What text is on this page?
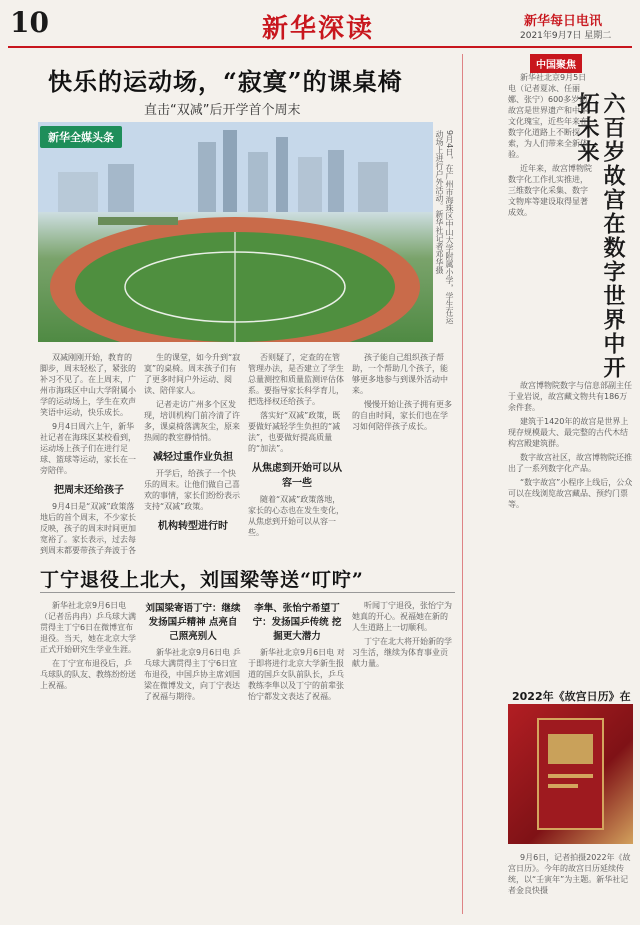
10	新华深读	新华每日电讯
2021年9月7日 星期二
快乐的运动场，“寂寞”的课桌椅
直击“双减”后开学首个周末
新华全媒头条	9月4日，在广州市海珠区中山大学附属小学，学生在运动场上进行户外活动。新华社记者邓华摄

双减刚刚开始，教育的脚步，周末轻松了，紧张的补习不见了。在上周末，广州市海珠区中山大学附属小学的运动场上，学生在欢声笑语中运动，快乐成长。

9月4日周六上午，新华社记者在海珠区某校看到，运动场上孩子们在进行足球、篮球等运动，家长在一旁陪伴。

把周末还给孩子

9月4日是“双减”政策落地后的首个周末，不少家长反映，孩子的周末时间更加宽裕了。家长表示，过去每到周末都要带孩子奔波于各

生的课堂，如今升到“寂寞”的桌椅。周末孩子们有了更多时间户外运动、阅读、陪伴家人。

记者走访广州多个区发现，培训机构门前冷清了许多，课桌椅落满灰尘，原来热闹的教室静悄悄。

减轻过重作业负担

开学后，给孩子一个快乐的周末。让他们做自己喜欢的事情，家长们纷纷表示支持“双减”政策。

机构转型进行时

否则疑了，定查的在管管理办法，是否建立了学生总量测控和质量监测评估体系。要指导家长科学育儿，把选择权还给孩子。

落实好“双减”政策，既要做好减轻学生负担的“减法”，也要做好提高质量的“加法”。

从焦虑到开始可以从容一些

随着“双减”政策落地，家长的心态也在发生变化，从焦虑到开始可以从容一些。

孩子能自己组织孩子帮助，一个帮助几个孩子，能够更多地参与到课外活动中来。

慢慢开始让孩子拥有更多的自由时间，家长们也在学习如何陪伴孩子成长。

丁宁退役上北大，刘国梁等送“叮咛”

新华社北京9月6日电（记者岳冉冉）乒乓球大满贯得主丁宁6日在微博宣布退役。当天，她在北京大学正式开始研究生学业生涯。

在丁宁宣布退役后，乒乓球队的队友、教练纷纷送上祝福。

刘国梁寄语丁宁：继续发扬国乒精神 点亮自己照亮别人

新华社北京9月6日电 乒乓球大满贯得主丁宁6日宣布退役，中国乒协主席刘国梁在微博发文，向丁宁表达了祝福与期待。

李隼、张怡宁希望丁宁：发扬国乒传统 挖掘更大潜力

新华社北京9月6日电 对于即将进行北京大学新生报道的国乒女队前队长，乒乓教练李隼以及丁宁的前辈张怡宁都发文表达了祝福。

听闻丁宁退役，张怡宁为她真的开心。祝福她在新的人生道路上一切顺利。

丁宁在北大将开始新的学习生活，继续为体育事业贡献力量。

中国聚焦
六百岁故宫在数字世界中开拓未来

新华社北京9月5日电（记者夏冰、任丽娜、张宁）600多岁的故宫是世界遗产和中华文化瑰宝，近些年来在数字化道路上不断探索，为人们带来全新体验。

近年来，故宫博物院数字化工作扎实推进，三维数字化采集、数字文物库等建设取得显著成效。

故宫博物院数字与信息部副主任于业岩说，故宫藏文物共有186万余件套。

建筑于1420年的故宫是世界上现存规模最大、最完整的古代木结构宫殿建筑群。

数字故宫社区，故宫博物院还推出了一系列数字化产品。

“数字故宫”小程序上线后，公众可以在线浏览故宫藏品、预约门票等。

2022年《故宫日历》在

9月6日，记者拍摄2022年《故宫日历》。今年的故宫日历延续传统，以“壬寅年”为主题。新华社记者金良快摄
